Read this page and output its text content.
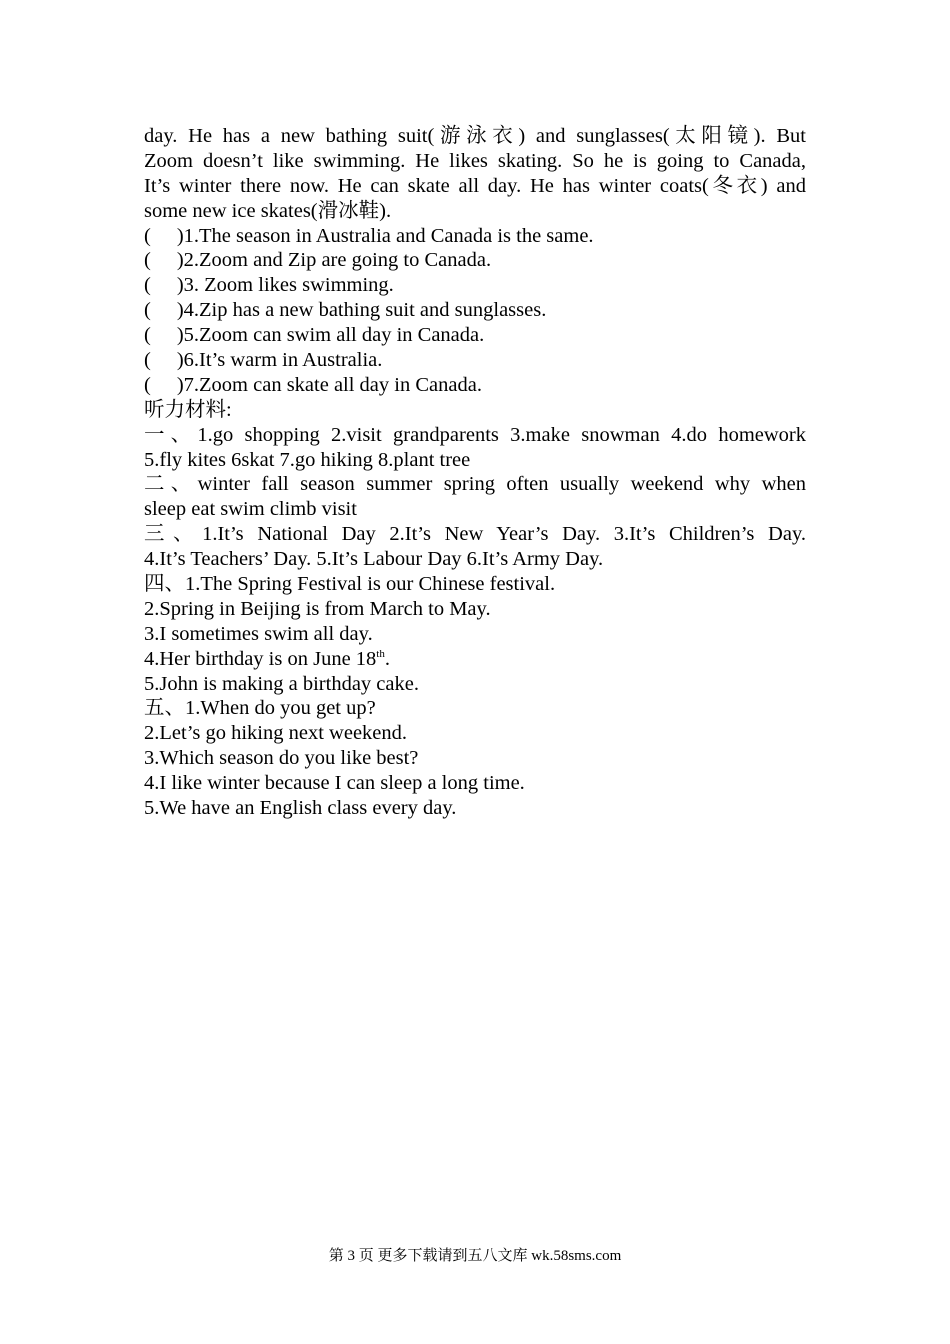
day. He has a new bathing suit(游泳衣) and sunglasses(太阳镜). But
Zoom doesn’t like swimming. He likes skating. So he is going to Canada,
It’s winter there now. He can skate all day. He has winter coats(冬衣) and
some new ice skates(滑冰鞋).
( )1.The season in Australia and Canada is the same.
( )2.Zoom and Zip are going to Canada.
( )3. Zoom likes swimming.
( )4.Zip has a new bathing suit and sunglasses.
( )5.Zoom can swim all day in Canada.
( )6.It’s warm in Australia.
( )7.Zoom can skate all day in Canada.
听力材料:
一、1.go shopping 2.visit grandparents 3.make snowman 4.do homework
5.fly kites 6skat 7.go hiking 8.plant tree
二、winter fall season summer spring often usually weekend why when
sleep eat swim climb visit
三、1.It’s National Day 2.It’s New Year’s Day. 3.It’s Children’s Day.
4.It’s Teachers’ Day. 5.It’s Labour Day 6.It’s Army Day.
四、1.The Spring Festival is our Chinese festival.
2.Spring in Beijing is from March to May.
3.I sometimes swim all day.
4.Her birthday is on June 18th.
5.John is making a birthday cake.
五、1.When do you get up?
2.Let’s go hiking next weekend.
3.Which season do you like best?
4.I like winter because I can sleep a long time.
5.We have an English class every day.
第 3 页 更多下载请到五八文库 wk.58sms.com
